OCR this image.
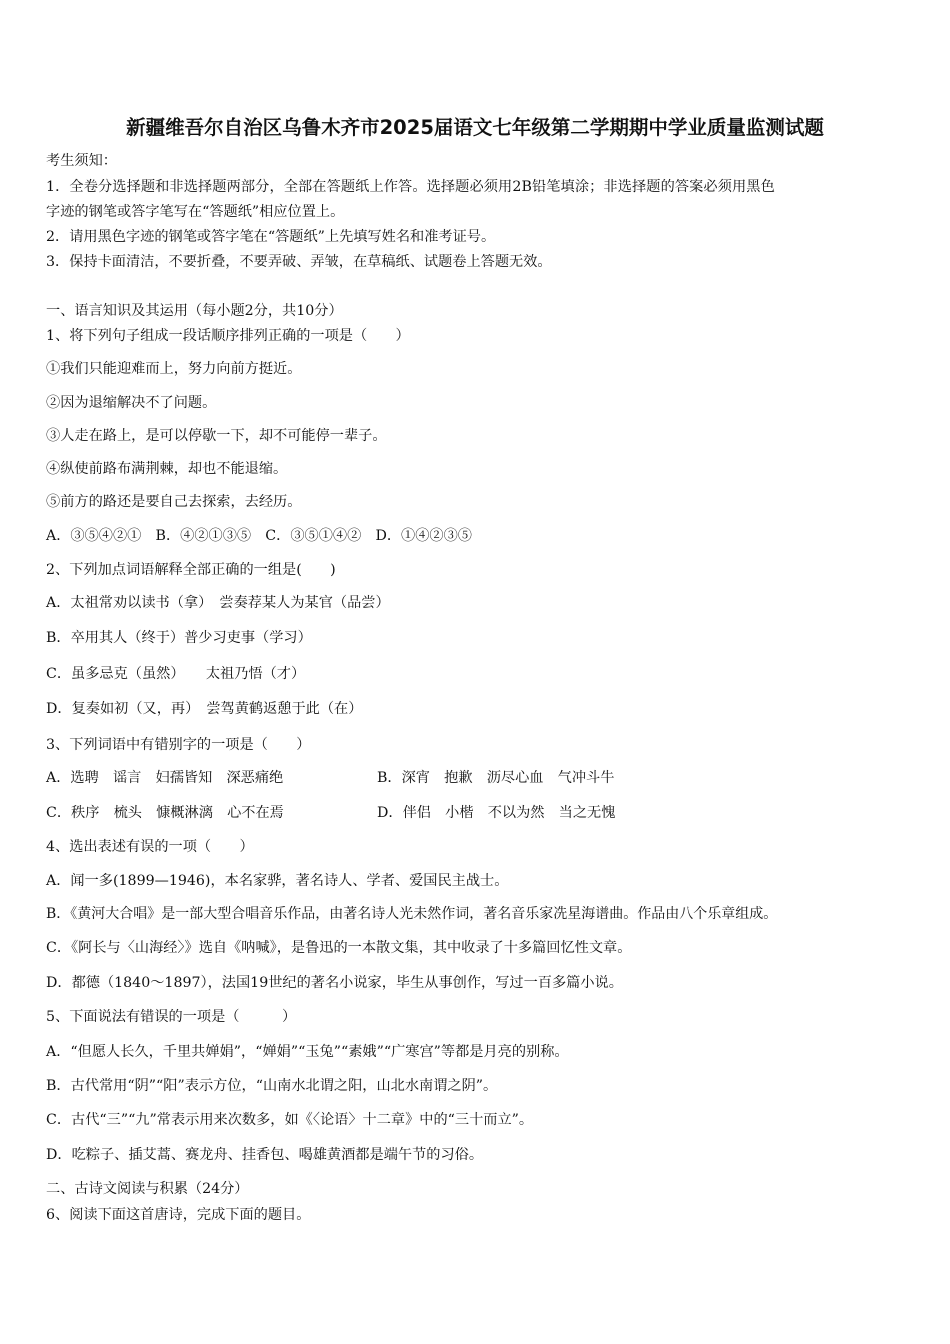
新疆维吾尔自治区乌鲁木齐市2025届语文七年级第二学期期中学业质量监测试题
考生须知：
1．全卷分选择题和非选择题两部分，全部在答题纸上作答。选择题必须用2B铅笔填涂；非选择题的答案必须用黑色
字迹的钢笔或答字笔写在“答题纸”相应位置上。
2．请用黑色字迹的钢笔或答字笔在“答题纸”上先填写姓名和准考证号。
3．保持卡面清洁，不要折叠，不要弄破、弄皱，在草稿纸、试题卷上答题无效。
一、语言知识及其运用（每小题2分，共10分）
1、将下列句子组成一段话顺序排列正确的一项是（　　）
①我们只能迎难而上，努力向前方挺近。
②因为退缩解决不了问题。
③人走在路上，是可以停歇一下，却不可能停一辈子。
④纵使前路布满荆棘，却也不能退缩。
⑤前方的路还是要自己去探索，去经历。
A．③⑤④②①　B．④②①③⑤　C．③⑤①④②　D．①④②③⑤
2、下列加点词语解释全部正确的一组是(　　)
A．太祖常劝以读书（拿）　尝奏荐某人为某官（品尝）
B．卒用其人（终于）普少习吏事（学习）
C．虽多忌克（虽然）　　太祖乃悟（才）
D．复奏如初（又，再）　尝驾黄鹤返憩于此（在）
3、下列词语中有错别字的一项是（　　）
A．选聘　谣言　妇孺皆知　深恶痛绝	B．深宵　抱歉　沥尽心血　气冲斗牛
C．秩序　梳头　慷概淋漓　心不在焉	D．伴侣　小楷　不以为然　当之无愧
4、选出表述有误的一项（　　）
A．闻一多(1899—1946)，本名家骅，著名诗人、学者、爱国民主战士。
B．《黄河大合唱》是一部大型合唱音乐作品，由著名诗人光未然作词，著名音乐家冼星海谱曲。作品由八个乐章组成。
C．《阿长与〈山海经〉》选自《呐喊》，是鲁迅的一本散文集，其中收录了十多篇回忆性文章。
D．都德（1840～1897），法国19世纪的著名小说家，毕生从事创作，写过一百多篇小说。
5、下面说法有错误的一项是（　　　）
A．“但愿人长久，千里共婵娟”，“婵娟”“玉兔”“素娥”“广寒宫”等都是月亮的别称。
B．古代常用“阴”“阳”表示方位，“山南水北谓之阳，山北水南谓之阴”。
C．古代“三”“九”常表示用来次数多，如《〈论语〉十二章》中的“三十而立”。
D．吃粽子、插艾蒿、赛龙舟、挂香包、喝雄黄酒都是端午节的习俗。
二、古诗文阅读与积累（24分）
6、阅读下面这首唐诗，完成下面的题目。
